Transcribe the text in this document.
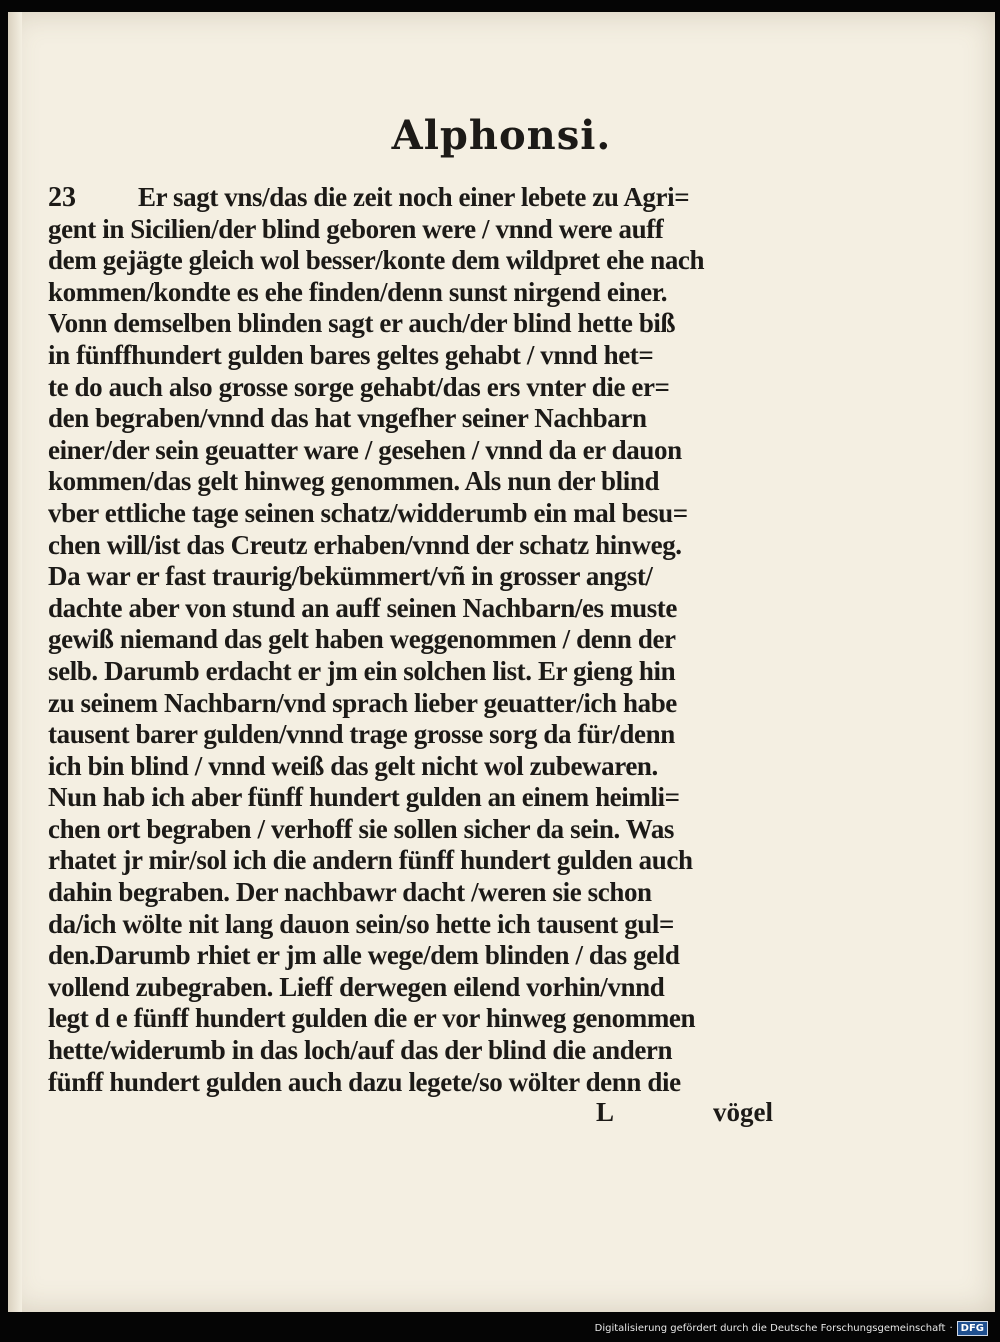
Alphonsi.
23	Er sagt vns/das die zeit noch einer lebete zu Agri=
gent in Sicilien/der blind geboren were / vnnd were auff
dem gejägte gleich wol besser/konte dem wildpret ehe nach
kommen/kondte es ehe finden/denn sunst nirgend einer.
Vonn demselben blinden sagt er auch/der blind hette biß
in fünffhundert gulden bares geltes gehabt / vnnd het=
te do auch also grosse sorge gehabt/das ers vnter die er=
den begraben/vnnd das hat vngefher seiner Nachbarn
einer/der sein geuatter ware / gesehen / vnnd da er dauon
kommen/das gelt hinweg genommen. Als nun der blind
vber ettliche tage seinen schatz/widderumb ein mal besu=
chen will/ist das Creutz erhaben/vnnd der schatz hinweg.
Da war er fast traurig/bekümmert/vñ in grosser angst/
dachte aber von stund an auff seinen Nachbarn/es muste
gewiß niemand das gelt haben weggenommen / denn der
selb. Darumb erdacht er jm ein solchen list. Er gieng hin
zu seinem Nachbarn/vnd sprach lieber geuatter/ich habe
tausent barer gulden/vnnd trage grosse sorg da für/denn
ich bin blind / vnnd weiß das gelt nicht wol zubewaren.
Nun hab ich aber fünff hundert gulden an einem heimli=
chen ort begraben / verhoff sie sollen sicher da sein. Was
rhatet jr mir/sol ich die andern fünff hundert gulden auch
dahin begraben. Der nachbawr dacht /weren sie schon
da/ich wölte nit lang dauon sein/so hette ich tausent gul=
den.Darumb rhiet er jm alle wege/dem blinden / das geld
vollend zubegraben. Lieff derwegen eilend vorhin/vnnd
legt d e fünff hundert gulden die er vor hinweg genommen
hette/widerumb in das loch/auf das der blind die andern
fünff hundert gulden auch dazu legete/so wölter denn die
L	vögel
Digitalisierung gefördert durch die Deutsche Forschungsgemeinschaft · DFG
